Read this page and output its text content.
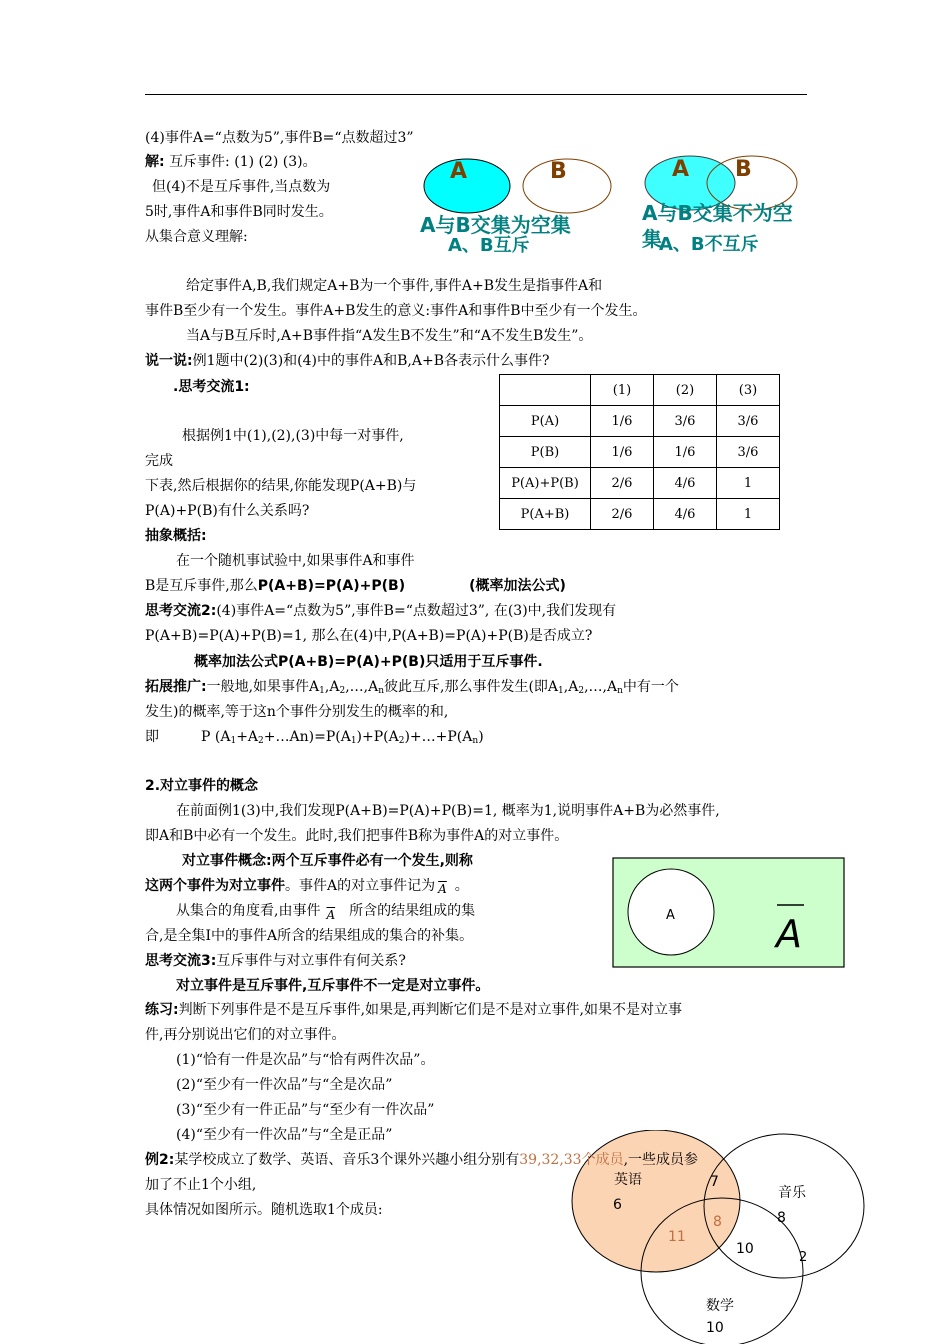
(4)事件A=“点数为5”,事件B=“点数超过3”
解: 互斥事件: (1) (2) (3)。
但(4)不是互斥事件,当点数为
5时,事件A和事件B同时发生。
从集合意义理解:
A	B
A与B交集为空集
A、B互斥
A B
A与B交集不为空
集
A、B不互斥
给定事件A,B,我们规定A+B为一个事件,事件A+B发生是指事件A和
事件B至少有一个发生。事件A+B发生的意义:事件A和事件B中至少有一个发生。
当A与B互斥时,A+B事件指“A发生B不发生”和“A不发生B发生”。
说一说:例1题中(2)(3)和(4)中的事件A和B,A+B各表示什么事件?
.思考交流1:
根据例1中(1),(2),(3)中每一对事件,
完成
下表,然后根据你的结果,你能发现P(A+B)与
P(A)+P(B)有什么关系吗?
	(1)	(2)	(3)
P(A)	1/6	3/6	3/6
P(B)	1/6	1/6	3/6
P(A)+P(B)	2/6	4/6	1
P(A+B)	2/6	4/6	1
抽象概括:
在一个随机事试验中,如果事件A和事件
B是互斥事件,那么P(A+B)=P(A)+P(B)	(概率加法公式)
思考交流2:(4)事件A=“点数为5”,事件B=“点数超过3”, 在(3)中,我们发现有
P(A+B)=P(A)+P(B)=1, 那么在(4)中,P(A+B)=P(A)+P(B)是否成立?
概率加法公式P(A+B)=P(A)+P(B)只适用于互斥事件.
拓展推广:一般地,如果事件$A_1,A_2,\dots,A_n$彼此互斥,那么事件发生(即$A_1,A_2,\dots,A_n$中有一个
发生)的概率,等于这n个事件分别发生的概率的和,
即	P $(A_1+A_2+\dots An)=P(A_1)+P(A_2)+\dots+P(A_n)$
2.对立事件的概念
在前面例1(3)中,我们发现P(A+B)=P(A)+P(B)=1, 概率为1,说明事件A+B为必然事件,
即A和B中必有一个发生。此时,我们把事件B称为事件A的对立事件。
对立事件概念:两个互斥事件必有一个发生,则称
这两个事件为对立事件。事件A的对立事件记为 $\overline{A}$ 。
从集合的角度看,由事件 $\overline{A}$ 所含的结果组成的集
合,是全集I中的事件A所含的结果组成的集合的补集。
A	A
思考交流3:互斥事件与对立事件有何关系?
对立事件是互斥事件,互斥事件不一定是对立事件。
练习:判断下列事件是不是互斥事件,如果是,再判断它们是不是对立事件,如果不是对立事
件,再分别说出它们的对立事件。
(1)“恰有一件是次品”与“恰有两件次品”。
(2)“至少有一件次品”与“全是次品”
(3)“至少有一件正品”与“至少有一件次品”
(4)“至少有一件次品”与“全是正品”
英语
6
7
音乐
8
8
11
10
2
数学
10
例2:某学校成立了数学、英语、音乐3个课外兴趣小组分别有39,32,33个成员,一些成员参
加了不止1个小组,
具体情况如图所示。随机选取1个成员:
